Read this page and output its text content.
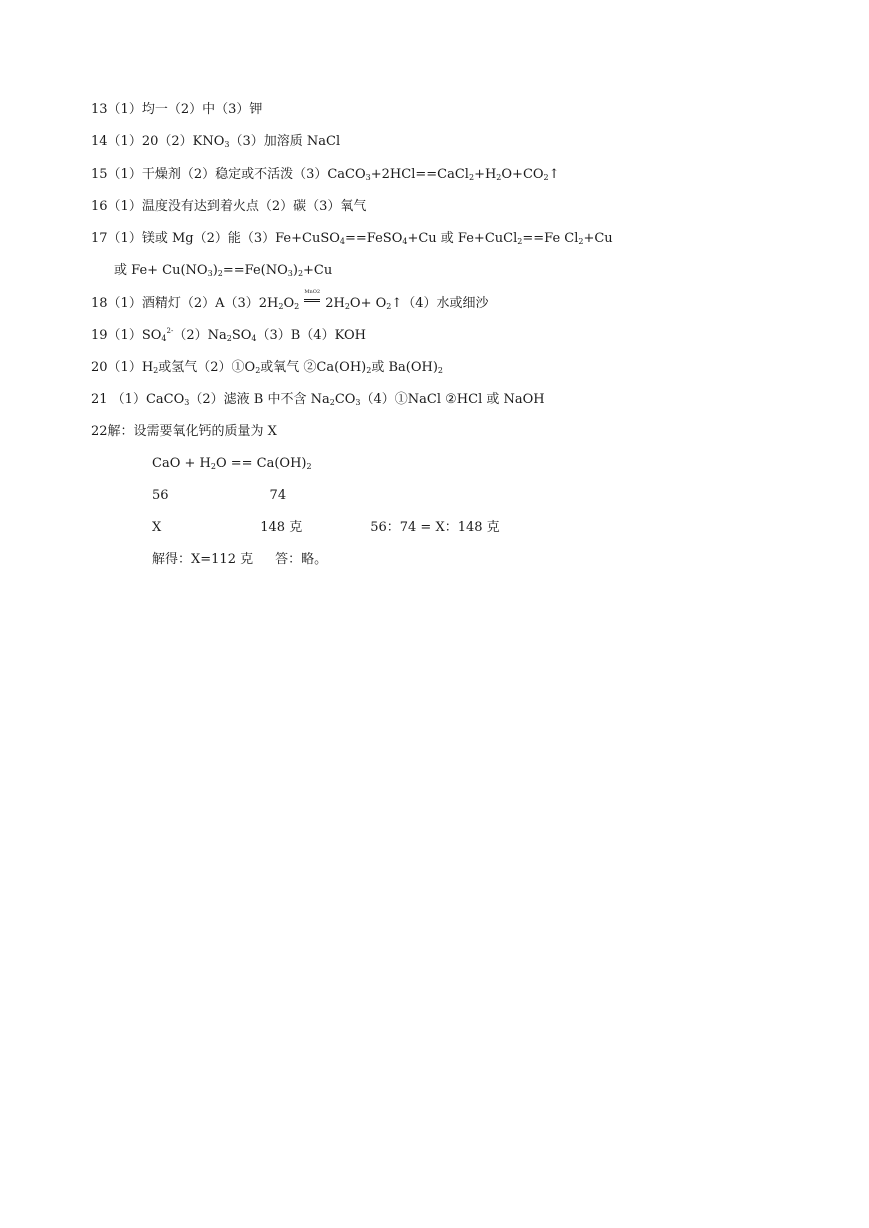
13（1）均一（2）中（3）钾
$14(1)20(2)KNO_3(3)$加溶质 NaCl
15（1）干燥剂（2）稳定或不活泼$(3)CaCO_3+2HCl==CaCl_2+H_2O+CO_2↑$
16（1）温度没有达到着火点（2）碳（3）氧气
17（1）镁或 Mg（2）能（3）Fe+CuSO$_4$==FeSO$_4$+Cu 或 Fe+CuCl$_2$==Fe $Cl_2+Cu$
或 $Fe+ Cu(NO_3)_2==Fe(NO_3)_2+Cu$
18（1）酒精灯$(2)A(3)2H_2O_2$
MnO2
$2H_2O+$ $O_2↑(4)$水或细沙
$19(1)SO_4^{2-}(2)Na_2SO_4(3)B(4)KOH$
$20(1)H_2$或氢气$(2)①O_2$或氧气 $②Ca(OH)_2$或 $Ba(OH)_2$
21 （1）CaCO$_3$（2）滤液 B 中不含 $Na_2CO_3(4)①NaCl$ ②HCl 或 NaOH
22解：设需要氧化钙的质量为 X
CaO + $H_2O == Ca(OH)_2$
56	74
X	148 克	56：74 = X：148 克
解得：X=112 克 答：略。
